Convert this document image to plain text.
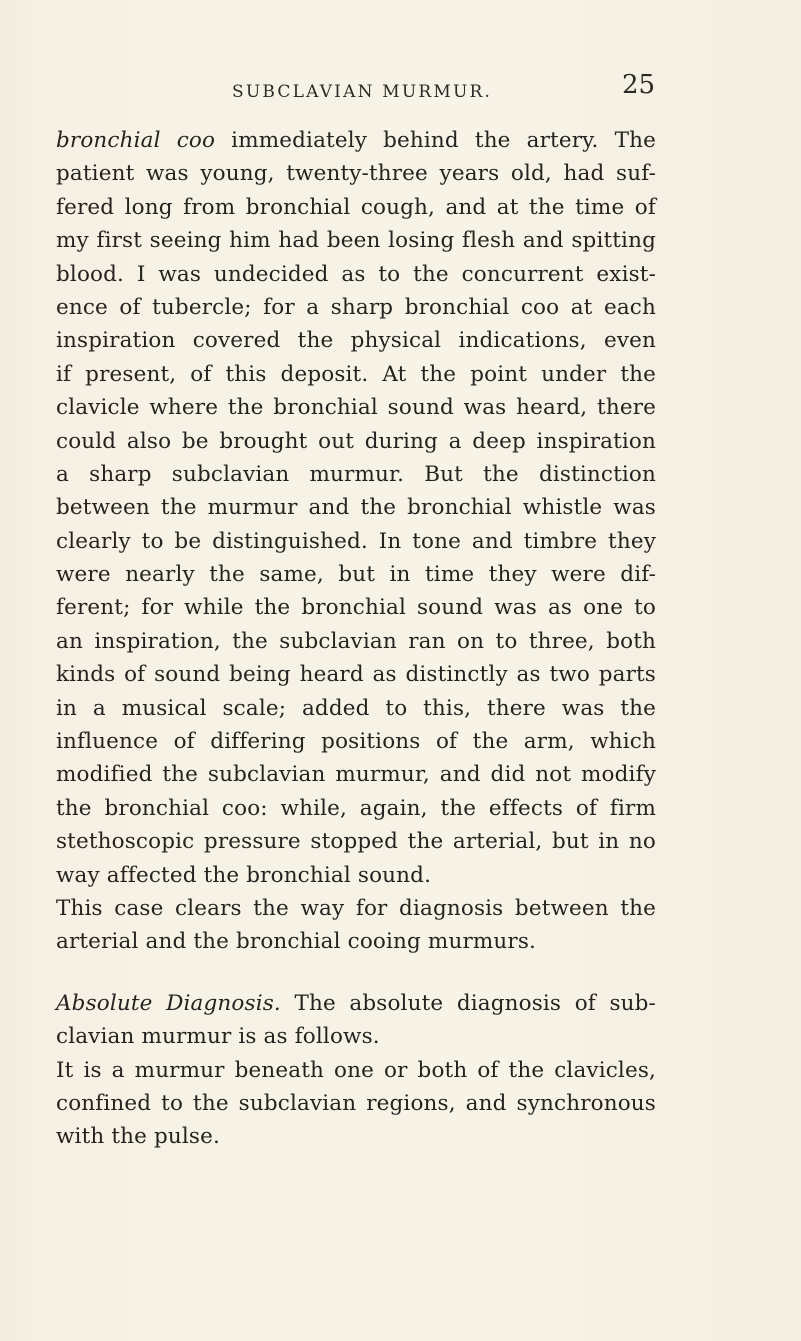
SUBCLAVIAN MURMUR.	25
bronchial coo immediately behind the artery. The
patient was young, twenty-three years old, had suf-
fered long from bronchial cough, and at the time of
my first seeing him had been losing flesh and spitting
blood. I was undecided as to the concurrent exist-
ence of tubercle; for a sharp bronchial coo at each
inspiration covered the physical indications, even
if present, of this deposit. At the point under the
clavicle where the bronchial sound was heard, there
could also be brought out during a deep inspiration
a sharp subclavian murmur. But the distinction
between the murmur and the bronchial whistle was
clearly to be distinguished. In tone and timbre they
were nearly the same, but in time they were dif-
ferent; for while the bronchial sound was as one to
an inspiration, the subclavian ran on to three, both
kinds of sound being heard as distinctly as two parts
in a musical scale; added to this, there was the
influence of differing positions of the arm, which
modified the subclavian murmur, and did not modify
the bronchial coo: while, again, the effects of firm
stethoscopic pressure stopped the arterial, but in no
way affected the bronchial sound.
This case clears the way for diagnosis between the
arterial and the bronchial cooing murmurs.
Absolute Diagnosis. The absolute diagnosis of sub-
clavian murmur is as follows.
It is a murmur beneath one or both of the clavicles,
confined to the subclavian regions, and synchronous
with the pulse.
